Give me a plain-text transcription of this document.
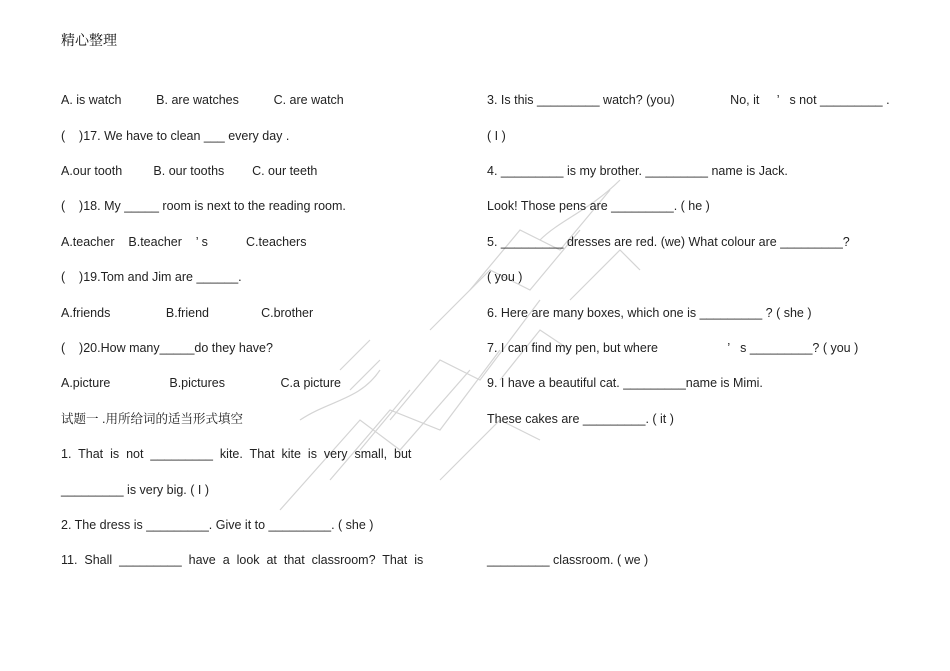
精心整理
A. is watch          B. are watches          C. are watch
(    )17. We have to clean ___ every day .
A.our tooth         B. our tooths        C. our teeth
(    )18. My _____ room is next to the reading room.
A.teacher    B.teacher    ’ s           C.teachers
(    )19.Tom and Jim are ______.
A.friends                B.friend               C.brother
(    )20.How many_____do they have?
A.picture                 B.pictures                C.a picture
试题一 .用所给词的适当形式填空
1.  That  is  not  _________  kite.  That  kite  is  very  small,  but
_________ is very big. ( I )
2. The dress is _________. Give it to _________. ( she )
11.  Shall  _________  have  a  look  at  that  classroom?  That  is
3. Is this _________ watch? (you)                No, it     ’   s not _________ .
( I )
4. _________ is my brother. _________ name is Jack.
Look! Those pens are _________. ( he )
5. _________ dresses are red. (we) What colour are _________?
( you )
6. Here are many boxes, which one is _________ ? ( she )
7. I can find my pen, but where                    ’   s _________? ( you )
9. I have a beautiful cat. _________name is Mimi.
These cakes are _________. ( it )
_________ classroom. ( we )
